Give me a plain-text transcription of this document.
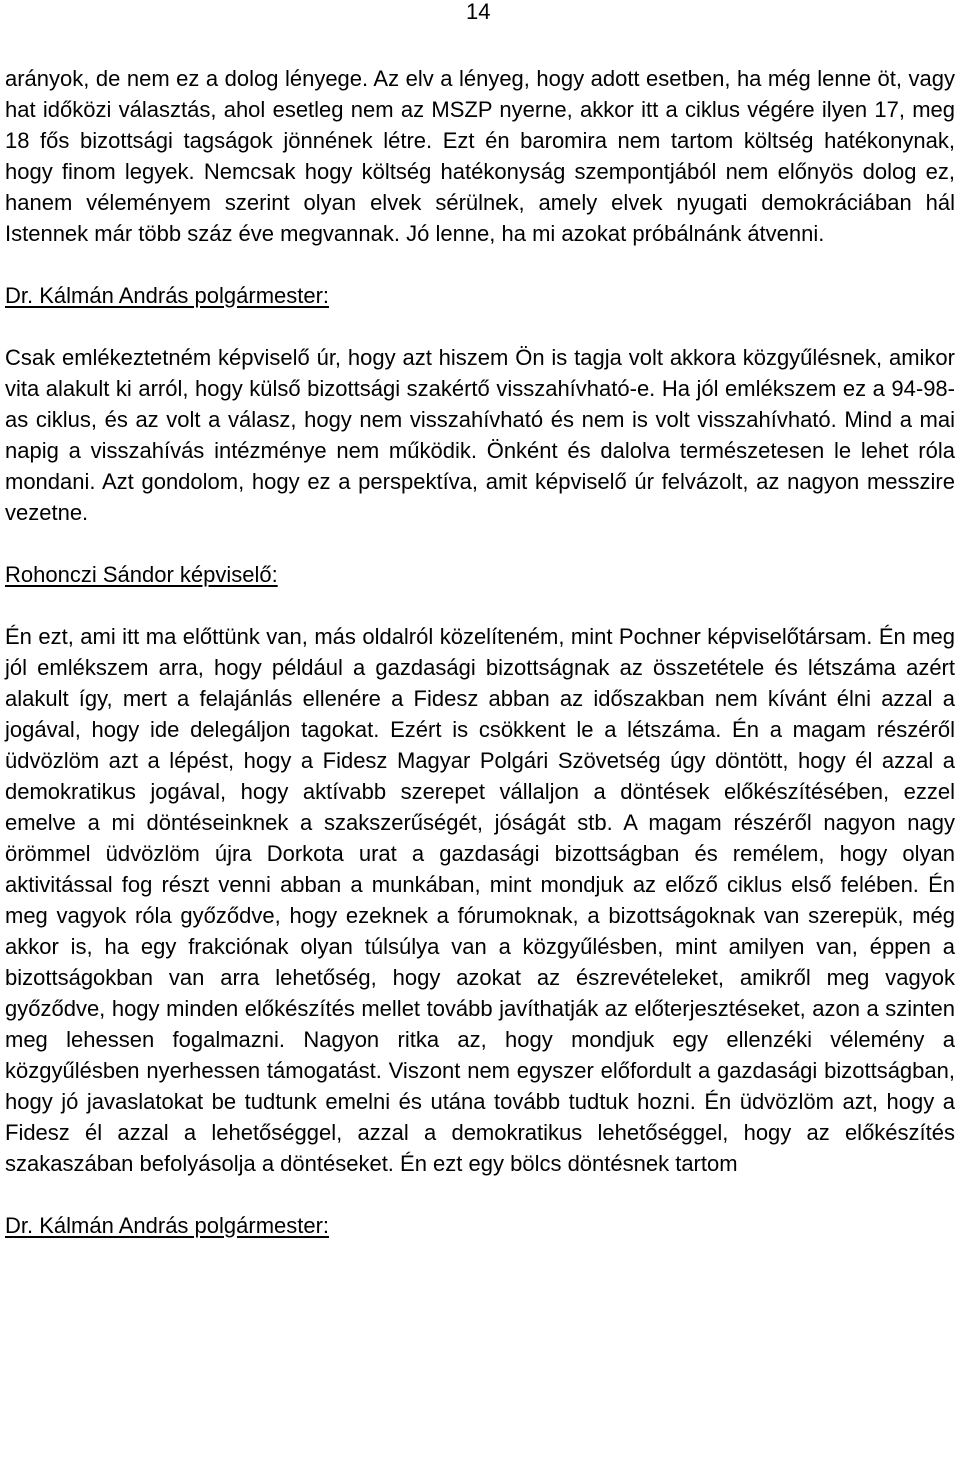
14

arányok, de nem ez a dolog lényege. Az elv a lényeg, hogy adott esetben, ha még lenne öt, vagy hat időközi választás, ahol esetleg nem az MSZP nyerne, akkor itt a ciklus végére ilyen 17, meg 18 fős bizottsági tagságok jönnének létre. Ezt én baromira nem tartom költség hatékonynak, hogy finom legyek. Nemcsak hogy költség hatékonyság szempontjából nem előnyös dolog ez, hanem véleményem szerint olyan elvek sérülnek, amely elvek nyugati demokráciában hál Istennek már több száz éve megvannak. Jó lenne, ha mi azokat próbálnánk átvenni.

Dr. Kálmán András polgármester:

Csak emlékeztetném képviselő úr, hogy azt hiszem Ön is tagja volt akkora közgyűlésnek, amikor vita alakult ki arról, hogy külső bizottsági szakértő visszahívható-e. Ha jól emlékszem ez a 94-98-as ciklus, és az volt a válasz, hogy nem visszahívható és nem is volt visszahívható. Mind a mai napig a visszahívás intézménye nem működik. Önként és dalolva természetesen le lehet róla mondani. Azt gondolom, hogy ez a perspektíva, amit képviselő úr felvázolt, az nagyon messzire vezetne.

Rohonczi Sándor képviselő:

Én ezt, ami itt ma előttünk van, más oldalról közelíteném, mint Pochner képviselőtársam. Én meg jól emlékszem arra, hogy például a gazdasági bizottságnak az összetétele és létszáma azért alakult így, mert a felajánlás ellenére a Fidesz abban az időszakban nem kívánt élni azzal a jogával, hogy ide delegáljon tagokat. Ezért is csökkent le a létszáma. Én a magam részéről üdvözlöm azt a lépést, hogy a Fidesz Magyar Polgári Szövetség úgy döntött, hogy él azzal a demokratikus jogával, hogy aktívabb szerepet vállaljon a döntések előkészítésében, ezzel emelve a mi döntéseinknek a szakszerűségét, jóságát stb. A magam részéről nagyon nagy örömmel üdvözlöm újra Dorkota urat a gazdasági bizottságban és remélem, hogy olyan aktivitással fog részt venni abban a munkában, mint mondjuk az előző ciklus első felében. Én meg vagyok róla győződve, hogy ezeknek a fórumoknak, a bizottságoknak van szerepük, még akkor is, ha egy frakciónak olyan túlsúlya van a közgyűlésben, mint amilyen van, éppen a bizottságokban van arra lehetőség, hogy azokat az észrevételeket, amikről meg vagyok győződve, hogy minden előkészítés mellet tovább javíthatják az előterjesztéseket, azon a szinten meg lehessen fogalmazni. Nagyon ritka az, hogy mondjuk egy ellenzéki vélemény a közgyűlésben nyerhessen támogatást. Viszont nem egyszer előfordult a gazdasági bizottságban, hogy jó javaslatokat be tudtunk emelni és utána tovább tudtuk hozni. Én üdvözlöm azt, hogy a Fidesz él azzal a lehetőséggel, azzal a demokratikus lehetőséggel, hogy az előkészítés szakaszában befolyásolja a döntéseket. Én ezt egy bölcs döntésnek tartom

Dr. Kálmán András polgármester:
